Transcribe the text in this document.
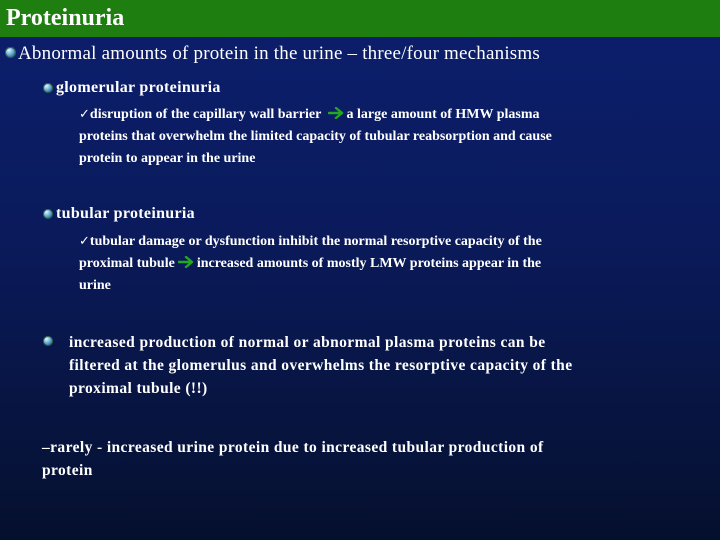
Proteinuria
Abnormal amounts of protein in the urine – three/four mechanisms
glomerular proteinuria
✓disruption of the capillary wall barrier a large amount of HMW plasma
proteins that overwhelm the limited capacity of tubular reabsorption and cause
protein to appear in the urine
tubular proteinuria
✓tubular damage or dysfunction inhibit the normal resorptive capacity of the
proximal tubule increased amounts of mostly LMW proteins appear in the
urine
increased production of normal or abnormal plasma proteins can be
filtered at the glomerulus and overwhelms the resorptive capacity of the
proximal tubule (!!)
–rarely - increased urine protein due to increased tubular production of
protein
